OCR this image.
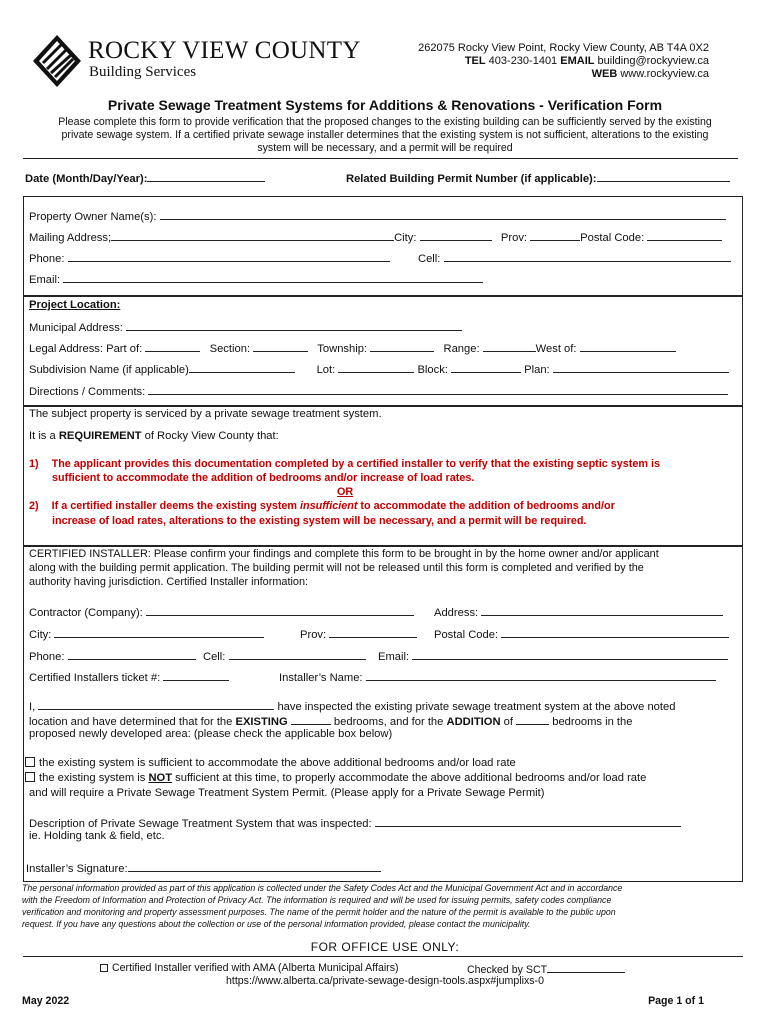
ROCKY VIEW COUNTY
Building Services
262075 Rocky View Point, Rocky View County, AB T4A 0X2
TEL 403-230-1401 EMAIL building@rockyview.ca
WEB www.rockyview.ca
Private Sewage Treatment Systems for Additions & Renovations - Verification Form
Please complete this form to provide verification that the proposed changes to the existing building can be sufficiently served by the existing
private sewage system. If a certified private sewage installer determines that the existing system is not sufficient, alterations to the existing
system will be necessary, and a permit will be required
Date (Month/Day/Year):	Related Building Permit Number (if applicable):
Property Owner Name(s):
Mailing Address;	City:	Prov:	Postal Code:
Phone:	Cell:
Email:
Project Location:
Municipal Address:
Legal Address: Part of:	Section:	Township:	Range:	West of:
Subdivision Name (if applicable)	Lot:	Block:	Plan:
Directions / Comments:
The subject property is serviced by a private sewage treatment system.
It is a REQUIREMENT of Rocky View County that:
1) The applicant provides this documentation completed by a certified installer to verify that the existing septic system is
sufficient to accommodate the addition of bedrooms and/or increase of load rates.
OR
2) If a certified installer deems the existing system insufficient to accommodate the addition of bedrooms and/or
increase of load rates, alterations to the existing system will be necessary, and a permit will be required.
CERTIFIED INSTALLER: Please confirm your findings and complete this form to be brought in by the home owner and/or applicant
along with the building permit application. The building permit will not be released until this form is completed and verified by the
authority having jurisdiction. Certified Installer information:
Contractor (Company):	Address:
City:	Prov:	Postal Code:
Phone:	Cell:	Email:
Certified Installers ticket #:	Installer’s Name:
I,	have inspected the existing private sewage treatment system at the above noted
location and have determined that for the EXISTING	bedrooms, and for the ADDITION of	bedrooms in the
proposed newly developed area: (please check the applicable box below)
the existing system is sufficient to accommodate the above additional bedrooms and/or load rate
the existing system is NOT sufficient at this time, to properly accommodate the above additional bedrooms and/or load rate
and will require a Private Sewage Treatment System Permit. (Please apply for a Private Sewage Permit)
Description of Private Sewage Treatment System that was inspected:
ie. Holding tank & field, etc.
Installer’s Signature:
The personal information provided as part of this application is collected under the Safety Codes Act and the Municipal Government Act and in accordance
with the Freedom of Information and Protection of Privacy Act. The information is required and will be used for issuing permits, safety codes compliance
verification and monitoring and property assessment purposes. The name of the permit holder and the nature of the permit is available to the public upon
request. If you have any questions about the collection or use of the personal information provided, please contact the municipality.
FOR OFFICE USE ONLY:
Certified Installer verified with AMA (Alberta Municipal Affairs)	Checked by SCT
https://www.alberta.ca/private-sewage-design-tools.aspx#jumplixs-0
May 2022	Page 1 of 1
